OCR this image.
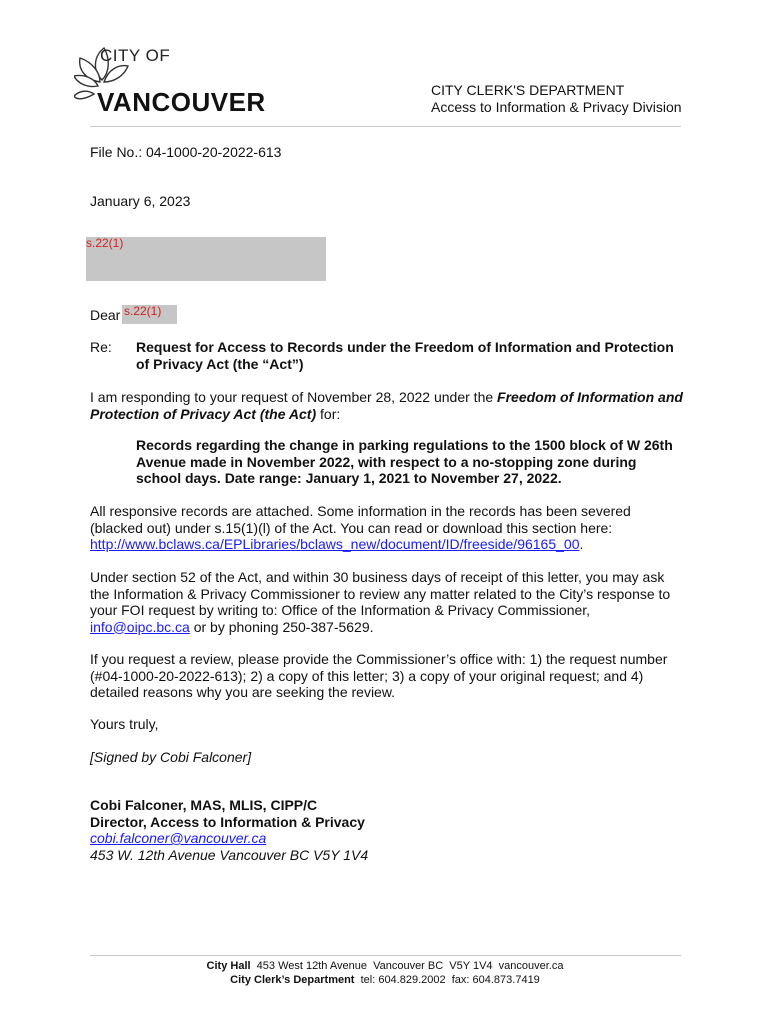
CITY OF
VANCOUVER	CITY CLERK'S DEPARTMENT
Access to Information & Privacy Division
File No.: 04-1000-20-2022-613
January 6, 2023
s.22(1)
Dear s.22(1)
Re: Request for Access to Records under the Freedom of Information and Protection of Privacy Act (the “Act”)
I am responding to your request of November 28, 2022 under the Freedom of Information and Protection of Privacy Act (the Act) for:
Records regarding the change in parking regulations to the 1500 block of W 26th Avenue made in November 2022, with respect to a no-stopping zone during school days. Date range: January 1, 2021 to November 27, 2022.
All responsive records are attached. Some information in the records has been severed (blacked out) under s.15(1)(l) of the Act. You can read or download this section here: http://www.bclaws.ca/EPLibraries/bclaws_new/document/ID/freeside/96165_00.
Under section 52 of the Act, and within 30 business days of receipt of this letter, you may ask the Information & Privacy Commissioner to review any matter related to the City’s response to your FOI request by writing to: Office of the Information & Privacy Commissioner, info@oipc.bc.ca or by phoning 250-387-5629.
If you request a review, please provide the Commissioner’s office with: 1) the request number (#04-1000-20-2022-613); 2) a copy of this letter; 3) a copy of your original request; and 4) detailed reasons why you are seeking the review.
Yours truly,
[Signed by Cobi Falconer]
Cobi Falconer, MAS, MLIS, CIPP/C
Director, Access to Information & Privacy
cobi.falconer@vancouver.ca
453 W. 12th Avenue Vancouver BC V5Y 1V4
City Hall  453 West 12th Avenue  Vancouver BC  V5Y 1V4  vancouver.ca
City Clerk’s Department  tel: 604.829.2002  fax: 604.873.7419
